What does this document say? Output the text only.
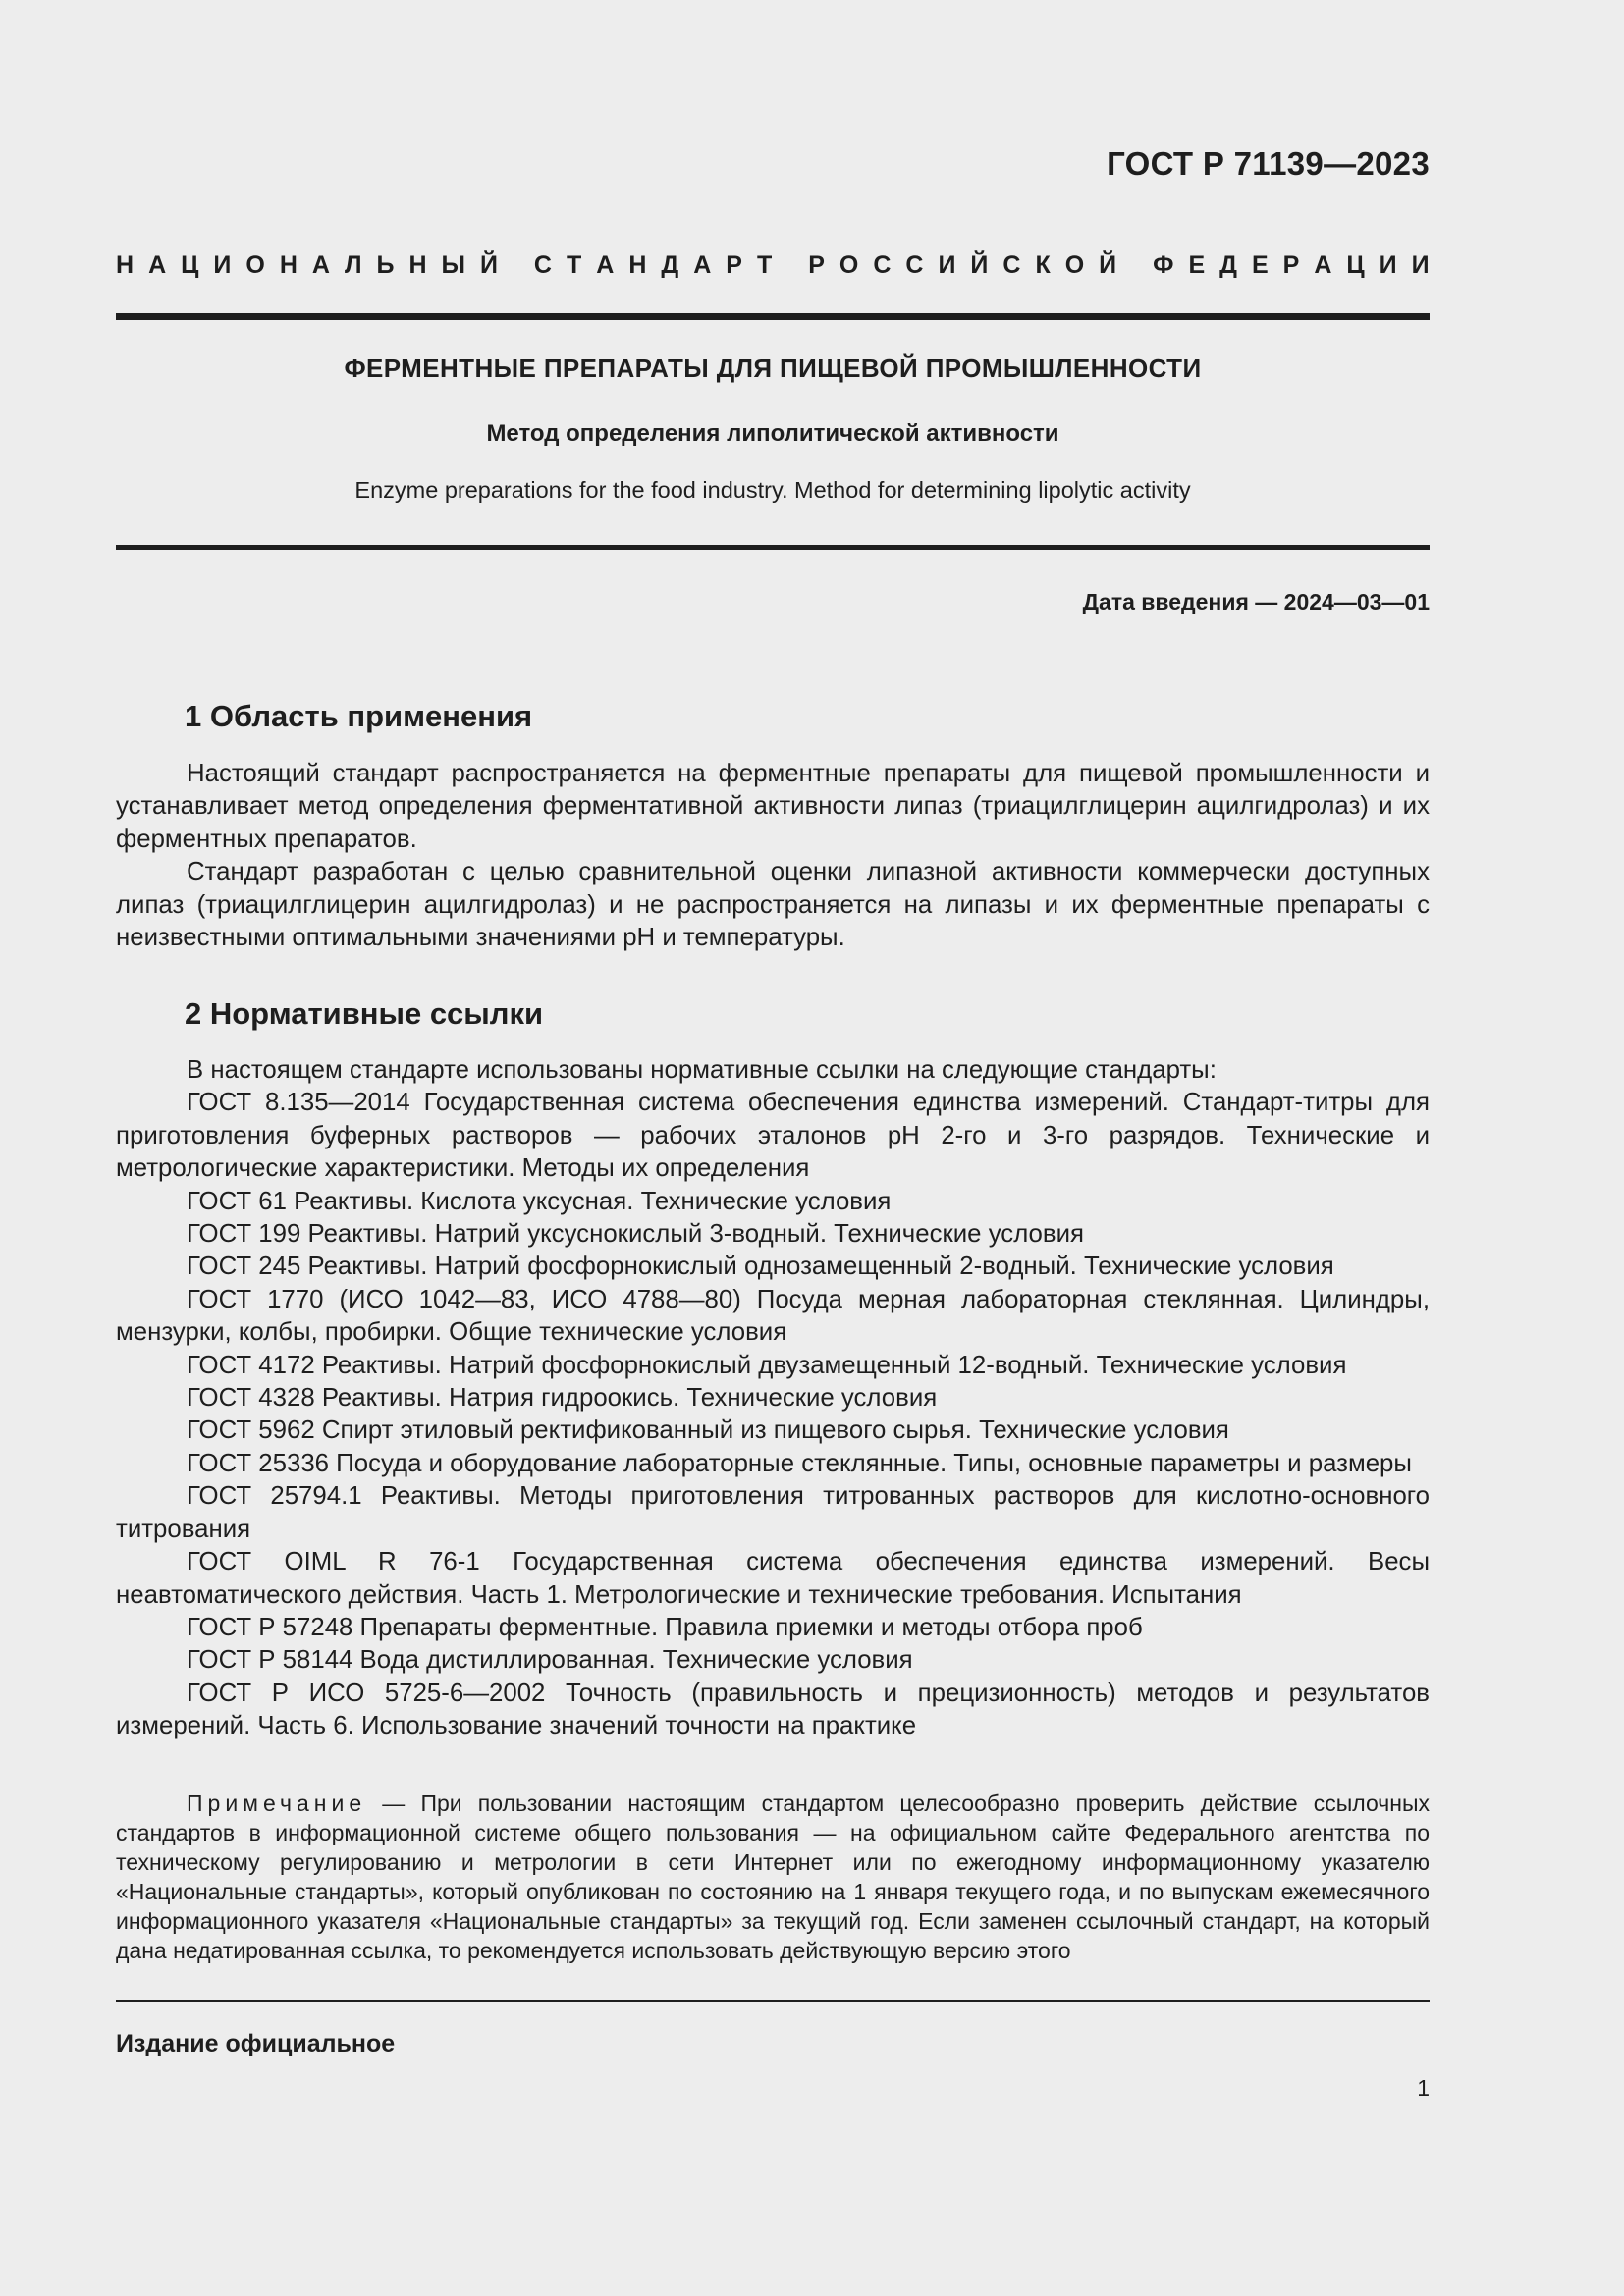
ГОСТ Р 71139—2023
Н А Ц И О Н А Л Ь Н Ы Й
С Т А Н Д А Р Т
Р О С С И Й С К О Й
Ф Е Д Е Р А Ц И И
ФЕРМЕНТНЫЕ ПРЕПАРАТЫ ДЛЯ ПИЩЕВОЙ ПРОМЫШЛЕННОСТИ
Метод определения липолитической активности
Enzyme preparations for the food industry. Method for determining lipolytic activity
Дата введения — 2024—03—01
1 Область применения

Настоящий стандарт распространяется на ферментные препараты для пищевой промышленности и устанавливает метод определения ферментативной активности липаз (триацилглицерин ацилгидролаз) и их ферментных препаратов.

Стандарт разработан с целью сравнительной оценки липазной активности коммерчески доступных липаз (триацилглицерин ацилгидролаз) и не распространяется на липазы и их ферментные препараты с неизвестными оптимальными значениями pH и температуры.

2 Нормативные ссылки

В настоящем стандарте использованы нормативные ссылки на следующие стандарты:

ГОСТ 8.135—2014 Государственная система обеспечения единства измерений. Стандарт-титры для приготовления буферных растворов — рабочих эталонов pH 2-го и 3-го разрядов. Технические и метрологические характеристики. Методы их определения

ГОСТ 61 Реактивы. Кислота уксусная. Технические условия

ГОСТ 199 Реактивы. Натрий уксуснокислый 3-водный. Технические условия

ГОСТ 245 Реактивы. Натрий фосфорнокислый однозамещенный 2-водный. Технические условия

ГОСТ 1770 (ИСО 1042—83, ИСО 4788—80) Посуда мерная лабораторная стеклянная. Цилиндры, мензурки, колбы, пробирки. Общие технические условия

ГОСТ 4172 Реактивы. Натрий фосфорнокислый двузамещенный 12-водный. Технические условия

ГОСТ 4328 Реактивы. Натрия гидроокись. Технические условия

ГОСТ 5962 Спирт этиловый ректификованный из пищевого сырья. Технические условия

ГОСТ 25336 Посуда и оборудование лабораторные стеклянные. Типы, основные параметры и размеры

ГОСТ 25794.1 Реактивы. Методы приготовления титрованных растворов для кислотно-основного титрования

ГОСТ OIML R 76-1 Государственная система обеспечения единства измерений. Весы неавтоматического действия. Часть 1. Метрологические и технические требования. Испытания

ГОСТ Р 57248 Препараты ферментные. Правила приемки и методы отбора проб

ГОСТ Р 58144 Вода дистиллированная. Технические условия

ГОСТ Р ИСО 5725-6—2002 Точность (правильность и прецизионность) методов и результатов измерений. Часть 6. Использование значений точности на практике

Примечание — При пользовании настоящим стандартом целесообразно проверить действие ссылочных стандартов в информационной системе общего пользования — на официальном сайте Федерального агентства по техническому регулированию и метрологии в сети Интернет или по ежегодному информационному указателю «Национальные стандарты», который опубликован по состоянию на 1 января текущего года, и по выпускам ежемесячного информационного указателя «Национальные стандарты» за текущий год. Если заменен ссылочный стандарт, на который дана недатированная ссылка, то рекомендуется использовать действующую версию этого

Издание официальное
1
